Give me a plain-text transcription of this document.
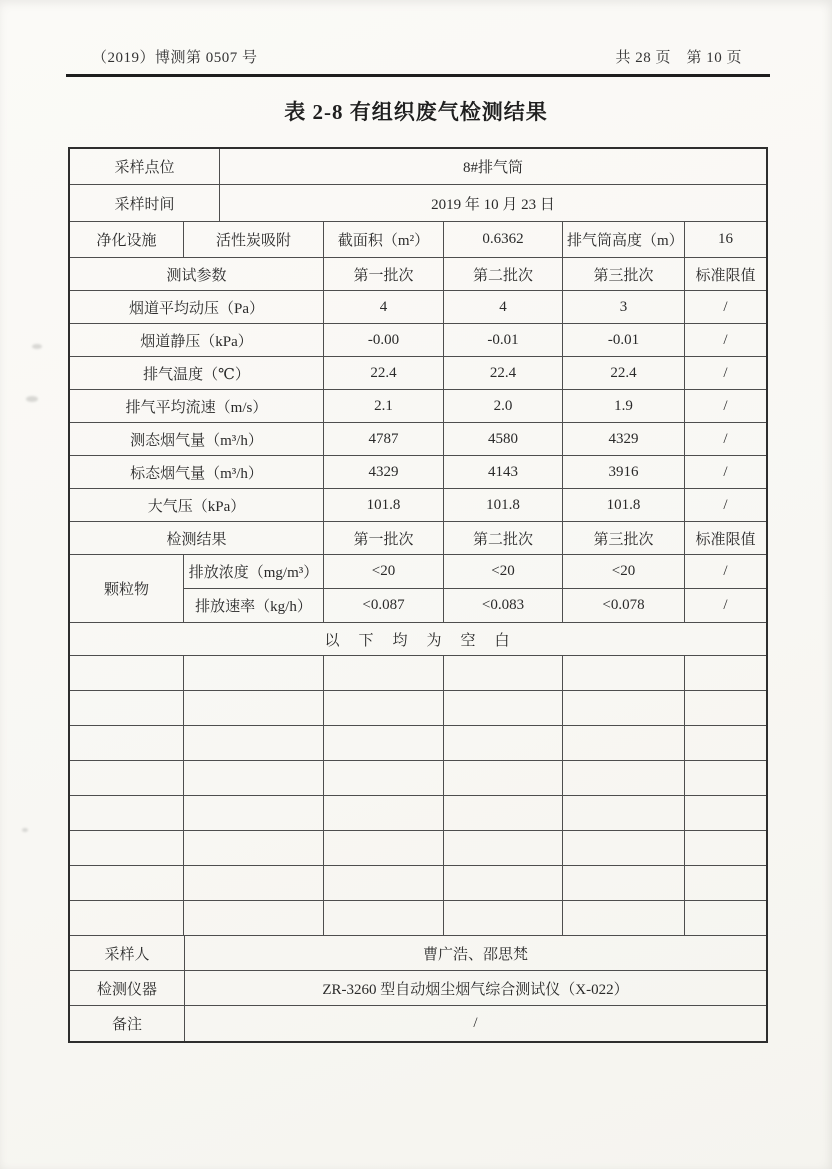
（2019）博测第 0507 号	共 28 页　第 10 页
表 2-8 有组织废气检测结果
采样点位	8#排气筒
采样时间	2019 年 10 月 23 日
净化设施	活性炭吸附	截面积（m²）	0.6362	排气筒高度（m）	16
测试参数	第一批次	第二批次	第三批次	标准限值
烟道平均动压（Pa）	4	4	3	/
烟道静压（kPa）	-0.00	-0.01	-0.01	/
排气温度（℃）	22.4	22.4	22.4	/
排气平均流速（m/s）	2.1	2.0	1.9	/
测态烟气量（m³/h）	4787	4580	4329	/
标态烟气量（m³/h）	4329	4143	3916	/
大气压（kPa）	101.8	101.8	101.8	/
检测结果	第一批次	第二批次	第三批次	标准限值
颗粒物
排放浓度（mg/m³）	<20	<20	<20	/
排放速率（kg/h）	<0.087	<0.083	<0.078	/
以　下　均　为　空　白
采样人	曹广浩、邵思梵
检测仪器	ZR-3260 型自动烟尘烟气综合测试仪（X-022）
备注	/
